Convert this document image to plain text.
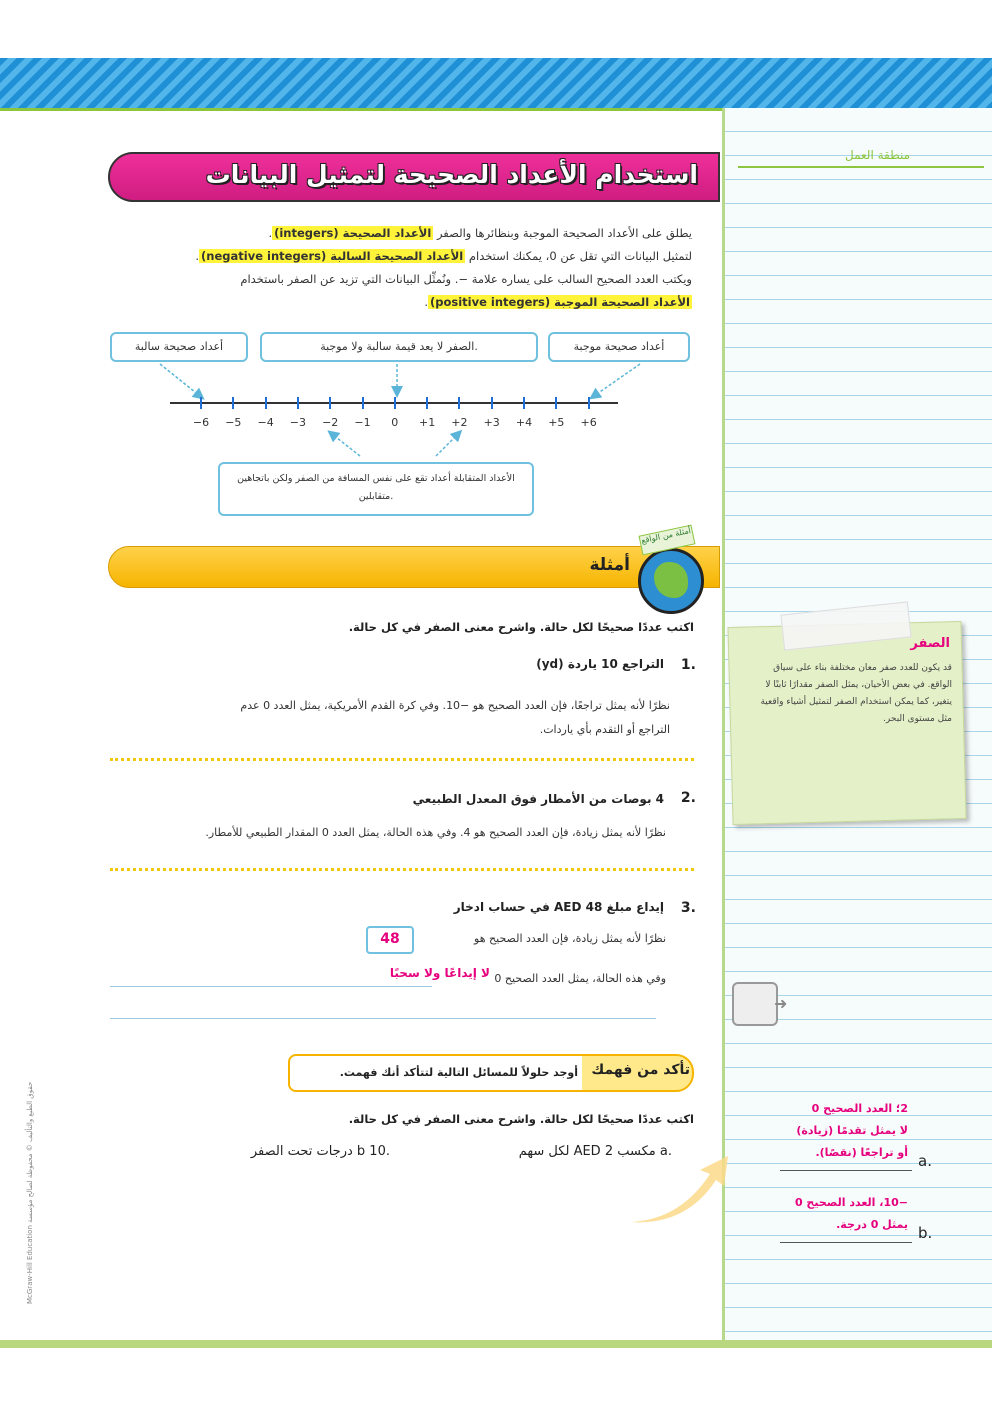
منطقة العمل
استخدام الأعداد الصحيحة لتمثيل البيانات
يطلق على الأعداد الصحيحة الموجبة وبنظائرها والصفر الأعداد الصحيحة (integers).
لتمثيل البيانات التي تقل عن 0، يمكنك استخدام الأعداد الصحيحة السالبة (negative integers).
ويكتب العدد الصحيح السالب على يساره علامة −. ونُمثِّل البيانات التي تزيد عن الصفر باستخدام
الأعداد الصحيحة الموجبة (positive integers).
أعداد صحيحة موجبة
الصفر لا يعد قيمة سالبة ولا موجبة.
أعداد صحيحة سالبة
−6	−5	−4	−3	−2	−1	0	+1	+2	+3	+4	+5	+6
الأعداد المتقابلة أعداد تقع على نفس المسافة من الصفر ولكن باتجاهين متقابلين.
أمثلة
أمثلة من الواقع
اكتب عددًا صحيحًا لكل حالة. واشرح معنى الصفر في كل حالة.
.1
التراجع 10 ياردة (yd)
نظرًا لأنه يمثل تراجعًا، فإن العدد الصحيح هو −10. وفي كرة القدم الأمريكية، يمثل العدد 0 عدم
التراجع أو التقدم بأي ياردات.
.2
4 بوصات من الأمطار فوق المعدل الطبيعي
نظرًا لأنه يمثل زيادة، فإن العدد الصحيح هو 4. وفي هذه الحالة، يمثل العدد 0 المقدار الطبيعي للأمطار.
.3
إيداع مبلغ 48 AED في حساب ادخار
نظرًا لأنه يمثل زيادة، فإن العدد الصحيح هو
48
وفي هذه الحالة، يمثل العدد الصحيح 0
لا إيداعًا ولا سحبًا
الصفر
قد يكون للعدد صفر معان مختلفة بناء على سياق الواقع. في بعض الأحيان، يمثل الصفر مقدارًا ثابتًا لا يتغير، كما يمكن استخدام الصفر لتمثيل أشياء واقعية مثل مستوى البحر.
➜
تأكد من فهمك
أوجد حلولاً للمسائل التالية لتتأكد أنك فهمت.
اكتب عددًا صحيحًا لكل حالة. واشرح معنى الصفر في كل حالة.
.a مكسب 2 AED لكل سهم
.b 10 درجات تحت الصفر
2؛ العدد الصحيح 0
لا يمثل تقدمًا (زيادة)
أو تراجعًا (نقصًا). a.
−10، العدد الصحيح 0
يمثل 0 درجة. b.
McGraw-Hill Education حقوق الطبع والتأليف © محفوظة لصالح مؤسسة
